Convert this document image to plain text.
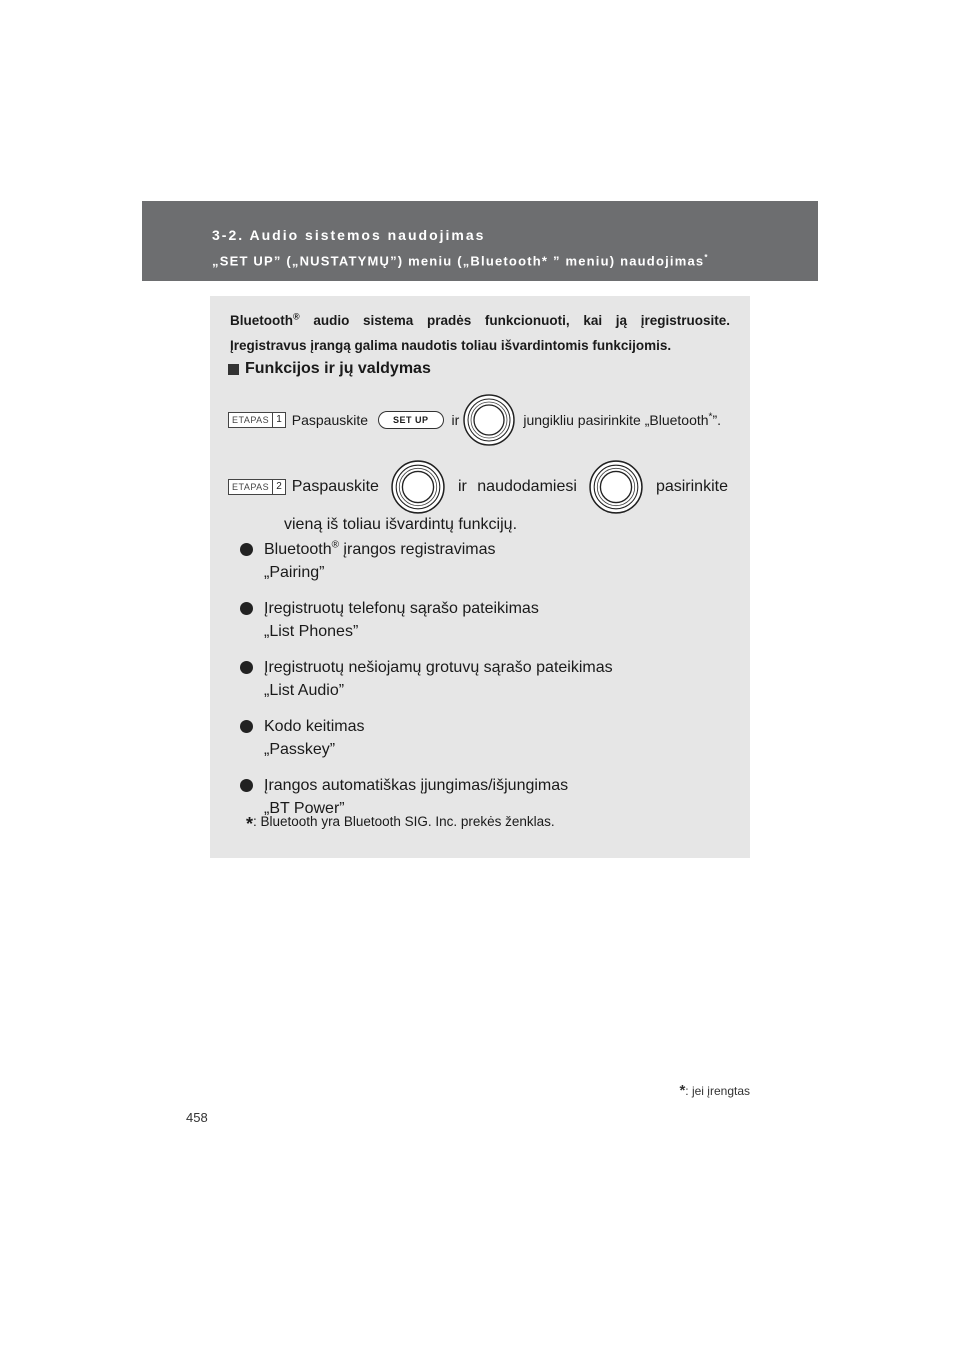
3-2. Audio sistemos naudojimas
„SET UP” („NUSTATYMŲ”) meniu („Bluetooth* ” meniu) naudojimas*
Bluetooth® audio sistema pradės funkcionuoti, kai ją įregistruosite. Įregistravus įrangą galima naudotis toliau išvardintomis funkcijomis.
Funkcijos ir jų valdymas
ETAPAS 1 Paspauskite	SET UP	ir	jungikliu pasirinkite „Bluetooth*”.
ETAPAS 2 Paspauskite	ir naudodamiesi	pasirinkite
vieną iš toliau išvardintų funkcijų.
Bluetooth® įrangos registravimas
„Pairing”
Įregistruotų telefonų sąrašo pateikimas
„List Phones”
Įregistruotų nešiojamų grotuvų sąrašo pateikimas
„List Audio”
Kodo keitimas
„Passkey”
Įrangos automatiškas įjungimas/išjungimas
„BT Power”
*: Bluetooth yra Bluetooth SIG. Inc. prekės ženklas.
*: jei įrengtas
458
